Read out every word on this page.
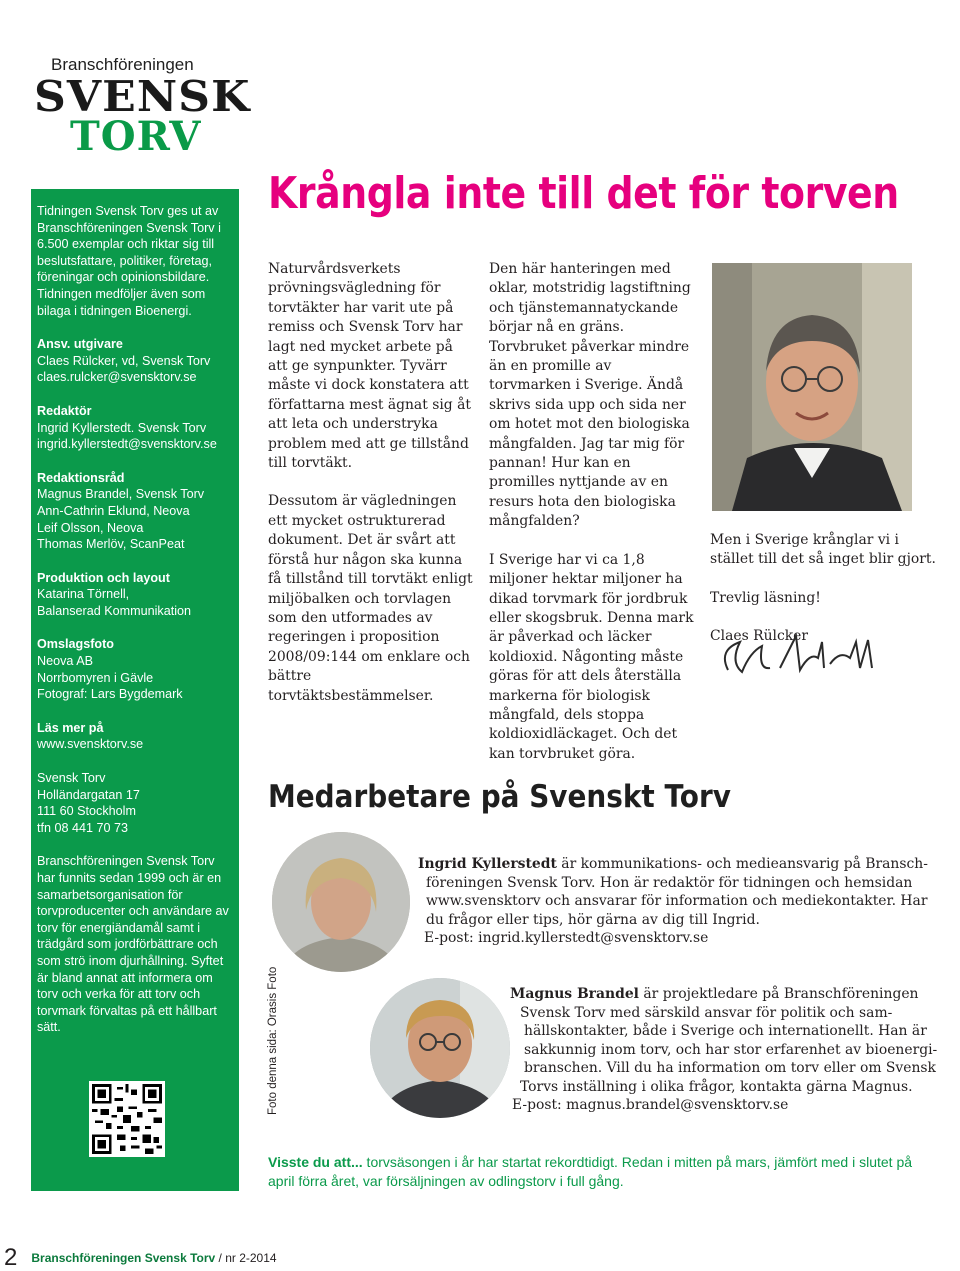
Branschföreningen
SVENSK
TORV

Tidningen Svensk Torv ges ut av Branschföreningen Svensk Torv i 6.500 exemplar och riktar sig till beslutsfattare, politiker, företag, föreningar och opinionsbildare. Tidningen medföljer även som bilaga i tidningen Bioenergi.

Ansv. utgivare
Claes Rülcker, vd, Svensk Torv
claes.rulcker@svensktorv.se
Redaktör
Ingrid Kyllerstedt. Svensk Torv
ingrid.kyllerstedt@svensktorv.se
Redaktionsråd
Magnus Brandel, Svensk Torv
Ann-Cathrin Eklund, Neova
Leif Olsson, Neova
Thomas Merlöv, ScanPeat
Produktion och layout
Katarina Törnell,
Balanserad Kommunikation
Omslagsfoto
Neova AB
Norrbomyren i Gävle
Fotograf: Lars Bygdemark
Läs mer på
www.svensktorv.se
Svensk Torv
Holländargatan 17
111 60 Stockholm
tfn 08 441 70 73

Branschföreningen Svensk Torv har funnits sedan 1999 och är en samarbetsorganisation för torvproducenter och användare av torv för energiändamål samt i trädgård som jordförbättrare och som strö inom djurhållning. Syftet är bland annat att informera om torv och verka för att torv och torvmark förvaltas på ett hållbart sätt.

Krångla inte till det för torven

Naturvårdsverkets prövningsvägledning för torvtäkter har varit ute på remiss och Svensk Torv har lagt ned mycket arbete på att ge synpunkter. Tyvärr måste vi dock konstatera att författarna mest ägnat sig åt att leta och understryka problem med att ge tillstånd till torvtäkt.

Dessutom är vägledningen ett mycket ostrukturerad dokument. Det är svårt att förstå hur någon ska kunna få tillstånd till torvtäkt enligt miljöbalken och torvlagen som den utformades av regeringen i proposition 2008/09:144 om enklare och bättre torvtäktsbestämmelser.

Den här hanteringen med oklar, motstridig lagstiftning och tjänstemannatyckande börjar nå en gräns. Torvbruket påverkar mindre än en promille av torvmarken i Sverige. Ändå skrivs sida upp och sida ner om hotet mot den biologiska mångfalden. Jag tar mig för pannan! Hur kan en promilles nyttjande av en resurs hota den biologiska mångfalden?

I Sverige har vi ca 1,8 miljoner hektar miljoner ha dikad torvmark för jordbruk eller skogsbruk. Denna mark är påverkad och läcker koldioxid. Någonting måste göras för att dels återställa markerna för biologisk mångfald, dels stoppa koldioxidläckaget. Och det kan torvbruket göra.

Men i Sverige krånglar vi i stället till det så inget blir gjort.

Trevlig läsning!

Claes Rülcker

Medarbetare på Svenskt Torv
Foto denna sida: Orasis Foto
Ingrid Kyllerstedt är kommunikations- och medieansvarig på Bransch-
föreningen Svensk Torv. Hon är redaktör för tidningen och hemsidan
www.svensktorv och ansvarar för information och mediekontakter. Har
du frågor eller tips, hör gärna av dig till Ingrid.
E-post: ingrid.kyllerstedt@svensktorv.se
Magnus Brandel är projektledare på Branschföreningen
Svensk Torv med särskild ansvar för politik och sam-
hällskontakter, både i Sverige och internationellt. Han är
sakkunnig inom torv, och har stor erfarenhet av bioenergi-
branschen. Vill du ha information om torv eller om Svensk
Torvs inställning i olika frågor, kontakta gärna Magnus.
E-post: magnus.brandel@svensktorv.se
Visste du att... torvsäsongen i år har startat rekordtidigt. Redan i mitten på mars, jämfört med i slutet på april förra året, var försäljningen av odlingstorv i full gång.
2 Branschföreningen Svensk Torv / nr 2-2014
